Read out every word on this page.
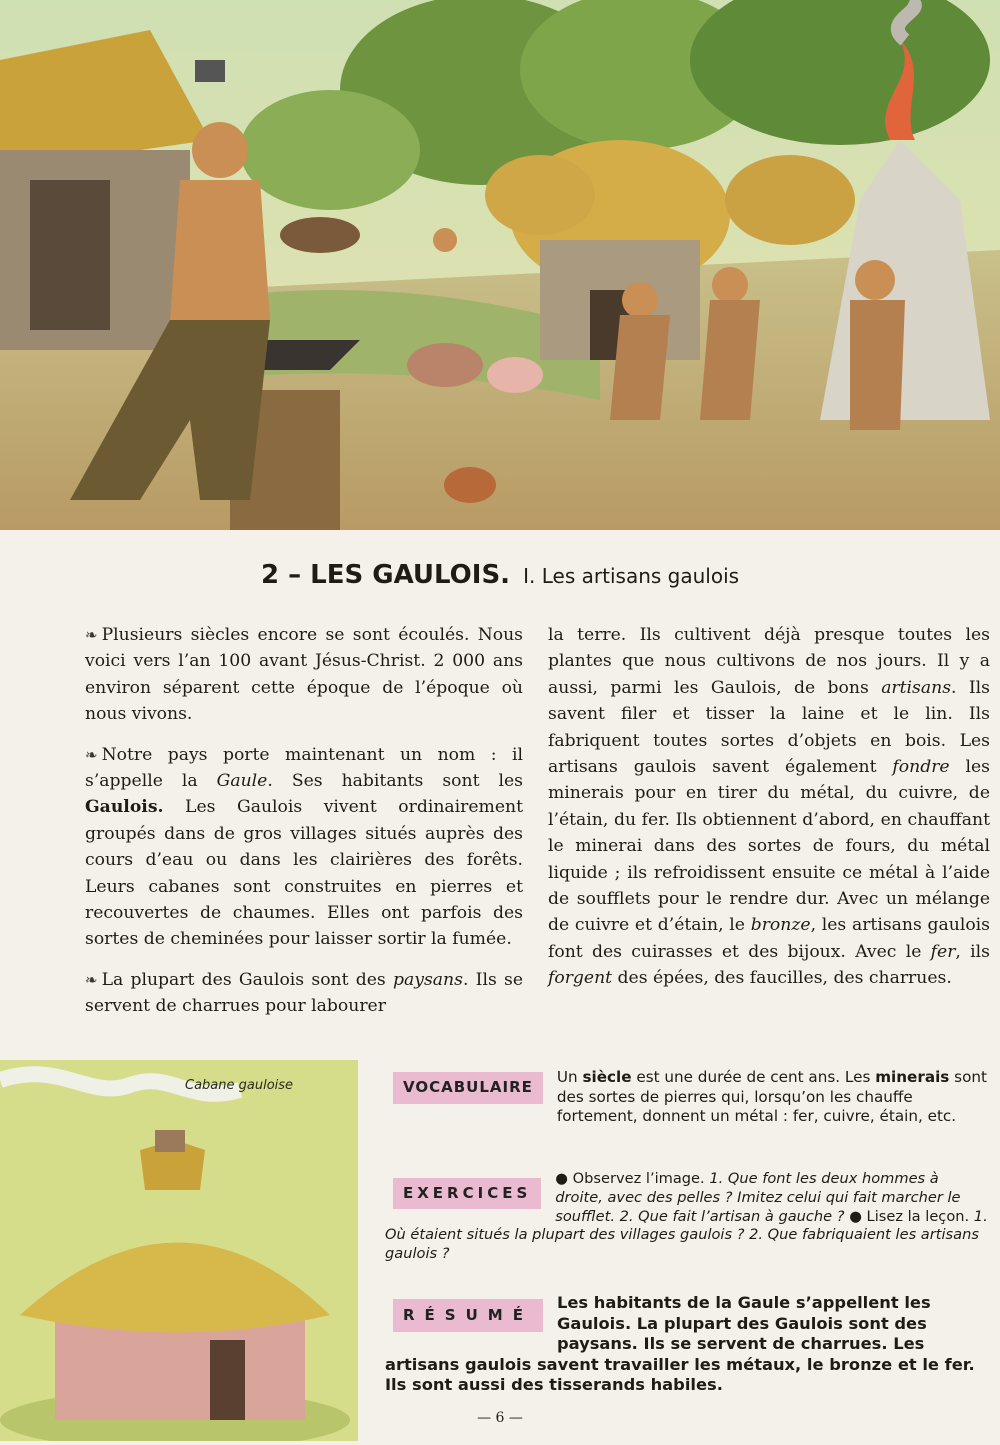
2 – LES GAULOIS. I. Les artisans gaulois

❧ Plusieurs siècles encore se sont écoulés. Nous voici vers l’an 100 avant Jésus-Christ. 2 000 ans environ séparent cette époque de l’époque où nous vivons.

❧ Notre pays porte maintenant un nom : il s’appelle la Gaule. Ses habitants sont les Gaulois. Les Gaulois vivent ordinairement groupés dans de gros villages situés auprès des cours d’eau ou dans les clairières des forêts. Leurs cabanes sont construites en pierres et recouvertes de chaumes. Elles ont parfois des sortes de cheminées pour laisser sortir la fumée.

❧ La plupart des Gaulois sont des paysans. Ils se servent de charrues pour labourer

la terre. Ils cultivent déjà presque toutes les plantes que nous cultivons de nos jours. Il y a aussi, parmi les Gaulois, de bons artisans. Ils savent filer et tisser la laine et le lin. Ils fabriquent toutes sortes d’objets en bois. Les artisans gaulois savent également fondre les minerais pour en tirer du métal, du cuivre, de l’étain, du fer. Ils obtiennent d’abord, en chauffant le minerai dans des sortes de fours, du métal liquide ; ils refroidissent ensuite ce métal à l’aide de soufflets pour le rendre dur. Avec un mélange de cuivre et d’étain, le bronze, les artisans gaulois font des cuirasses et des bijoux. Avec le fer, ils forgent des épées, des faucilles, des charrues.

Cabane gauloise	VOCABULAIRE
Un siècle est une durée de cent ans. Les minerais sont des sortes de pierres qui, lorsqu’on les chauffe fortement, donnent un métal : fer, cuivre, étain, etc.
EXERCICES
● Observez l’image. 1. Que font les deux hommes à droite, avec des pelles ? Imitez celui qui fait marcher le soufflet. 2. Que fait l’artisan à gauche ? ● Lisez la leçon. 1. Où étaient situés la plupart des villages gaulois ? 2. Que fabriquaient les artisans gaulois ?
RÉSUMÉ
Les habitants de la Gaule s’appellent les Gaulois. La plupart des Gaulois sont des paysans. Ils se servent de charrues. Les artisans gaulois savent travailler les métaux, le bronze et le fer. Ils sont aussi des tisserands habiles.
— 6 —
